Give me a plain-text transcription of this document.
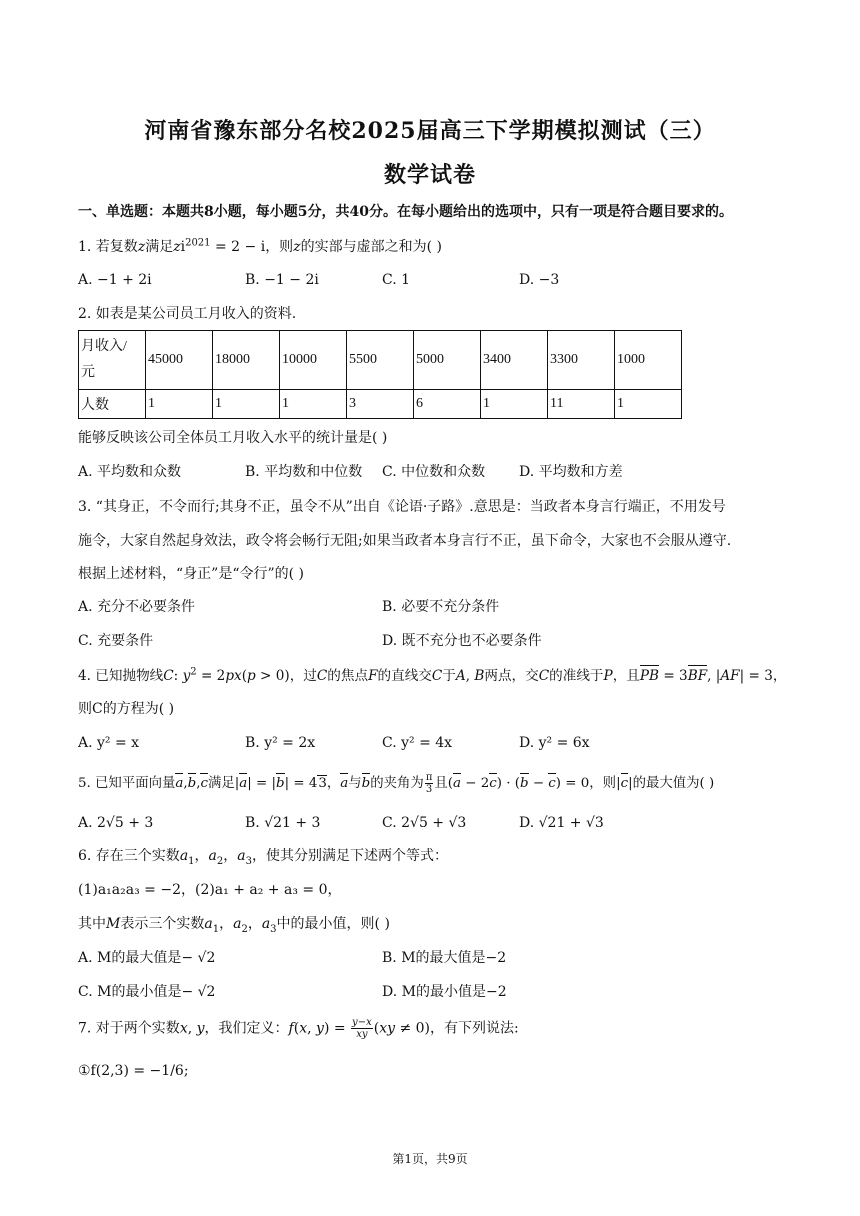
河南省豫东部分名校2025届高三下学期模拟测试（三）
数学试卷
一、单选题：本题共8小题，每小题5分，共40分。在每小题给出的选项中，只有一项是符合题目要求的。
1. 若复数z满足$zi^{2021} = 2 - i$，则z的实部与虚部之和为( )
A. −1 + 2i	B. −1 − 2i	C. 1	D. −3
2. 如表是某公司员工月收入的资料.
月收入/
元	45000	18000	10000	5500	5000	3400	3300	1000
人数	1	1	1	3	6	1	11	1
能够反映该公司全体员工月收入水平的统计量是( )
A. 平均数和众数	B. 平均数和中位数 C. 中位数和众数 D. 平均数和方差
3. “其身正，不令而行;其身不正，虽令不从”出自《论语·子路》.意思是：当政者本身言行端正，不用发号
施令，大家自然起身效法，政令将会畅行无阻;如果当政者本身言行不正，虽下命令，大家也不会服从遵守.
根据上述材料，“身正”是“令行”的( )
A. 充分不必要条件	B. 必要不充分条件
C. 充要条件	D. 既不充分也不必要条件
4. 已知抛物线C: $y^2 = 2px(p > 0)$，过C的焦点F的直线交C于A, B两点，交C的准线于P，且PB = 3BF, |AF| = 3，
则C的方程为( )
A. y² = x	B. y² = 2x	C. y² = 4x	D. y² = 6x
5. 已知平面向量a,b,c满足|a| = |b| = 43，a与b的夹角为 $\frac{\pi}{3}$ 且(a − 2c) · (b − c) = 0，则|c|的最大值为( )
A. 2√5 + 3	B. √21 + 3	C. 2√5 + √3	D. √21 + √3
6. 存在三个实数$a_1$，$a_2$，$a_3$，使其分别满足下述两个等式：
(1)a₁a₂a₃ = −2，(2)a₁ + a₂ + a₃ = 0，
其中M表示三个实数$a_1$，$a_2$，$a_3$中的最小值，则( )
A. M的最大值是− √2	B. M的最大值是−2
C. M的最小值是− √2	D. M的最小值是−2
7. 对于两个实数x, y，我们定义：f(x, $y) = \frac{y-x}{xy} (xy \ne 0)$，有下列说法:
①f(2,3) = −1/6;
第1页，共9页
